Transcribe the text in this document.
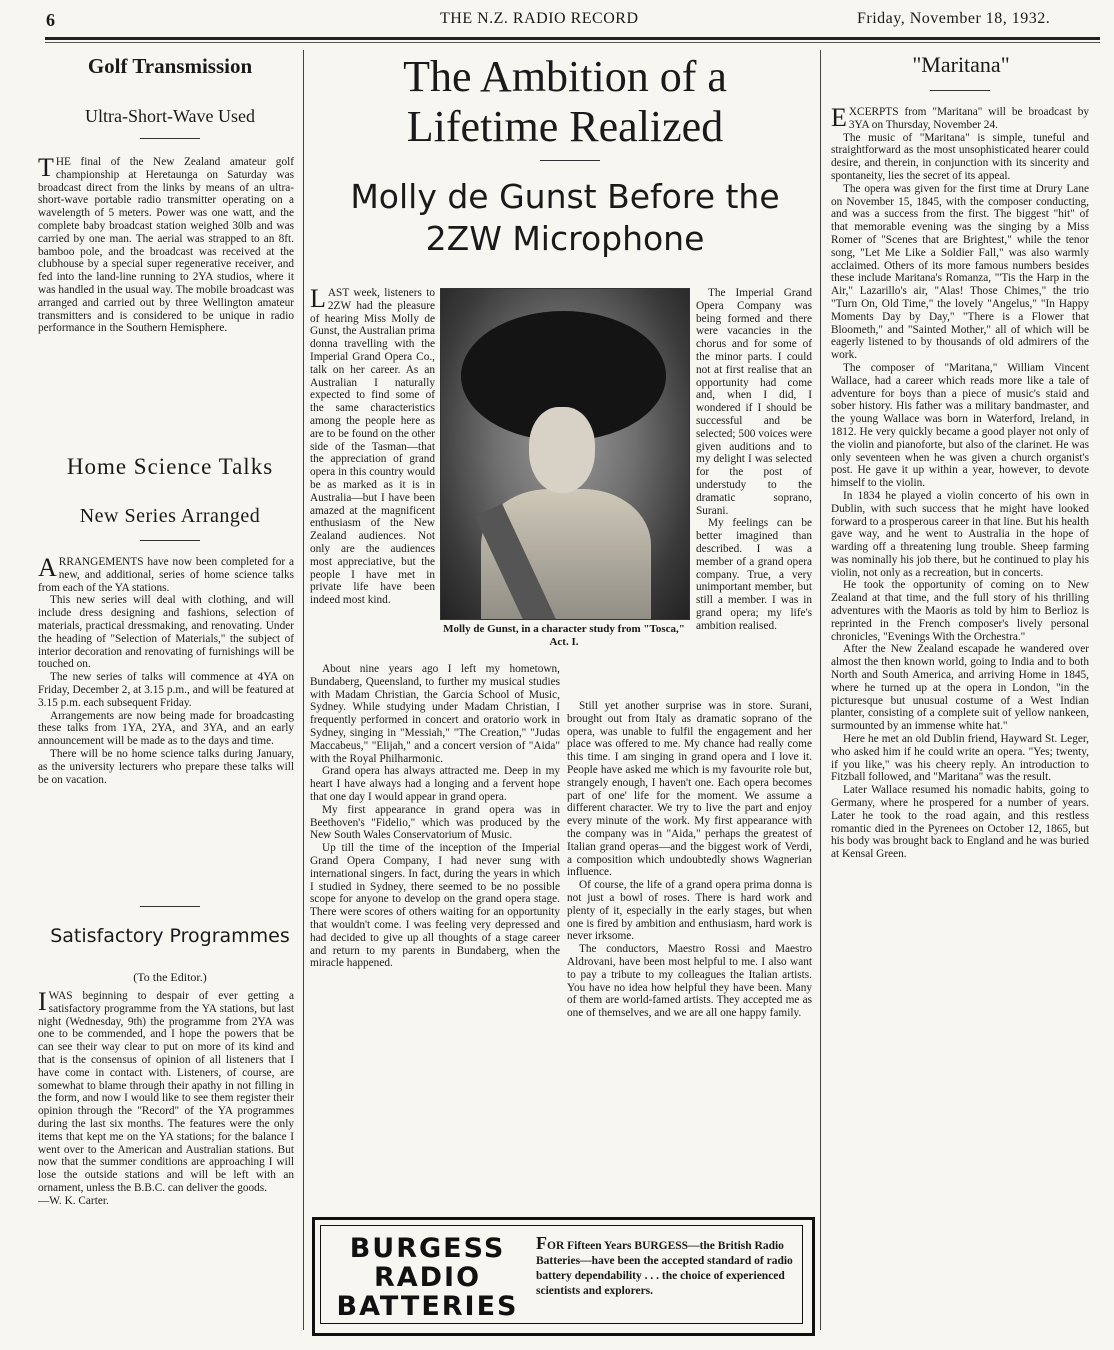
6	THE N.Z. RADIO RECORD	Friday, November 18, 1932.
Golf Transmission
Ultra-Short-Wave Used

THE final of the New Zealand amateur golf championship at Heretaunga on Saturday was broadcast direct from the links by means of an ultra-short-wave portable radio transmitter operating on a wavelength of 5 meters. Power was one watt, and the complete baby broadcast station weighed 30lb and was carried by one man. The aerial was strapped to an 8ft. bamboo pole, and the broadcast was received at the clubhouse by a special super regenerative receiver, and fed into the land-line running to 2YA studios, where it was handled in the usual way. The mobile broadcast was arranged and carried out by three Wellington amateur transmitters and is considered to be unique in radio performance in the Southern Hemisphere.

Home Science Talks
New Series Arranged

ARRANGEMENTS have now been completed for a new, and additional, series of home science talks from each of the YA stations.

This new series will deal with clothing, and will include dress designing and fashions, selection of materials, practical dressmaking, and renovating. Under the heading of "Selection of Materials," the subject of interior decoration and renovating of furnishings will be touched on.

The new series of talks will commence at 4YA on Friday, December 2, at 3.15 p.m., and will be featured at 3.15 p.m. each subsequent Friday.

Arrangements are now being made for broadcasting these talks from 1YA, 2YA, and 3YA, and an early announcement will be made as to the days and time.

There will be no home science talks during January, as the university lecturers who prepare these talks will be on vacation.

Satisfactory Programmes
(To the Editor.)

I WAS beginning to despair of ever getting a satisfactory programme from the YA stations, but last night (Wednesday, 9th) the programme from 2YA was one to be commended, and I hope the powers that be can see their way clear to put on more of its kind and that is the consensus of opinion of all listeners that I have come in contact with. Listeners, of course, are somewhat to blame through their apathy in not filling in the form, and now I would like to see them register their opinion through the "Record" of the YA programmes during the last six months. The features were the only items that kept me on the YA stations; for the balance I went over to the American and Australian stations. But now that the summer conditions are approaching I will lose the outside stations and will be left with an ornament, unless the B.B.C. can deliver the goods.

—W. K. Carter.

The Ambition of a Lifetime Realized
Molly de Gunst Before the 2ZW Microphone

LAST week, listeners to 2ZW had the pleasure of hearing Miss Molly de Gunst, the Australian prima donna travelling with the Imperial Grand Opera Co., talk on her career. As an Australian I naturally expected to find some of the same characteristics among the people here as are to be found on the other side of the Tasman—that the appreciation of grand opera in this country would be as marked as it is in Australia—but I have been amazed at the magnificent enthusiasm of the New Zealand audiences. Not only are the audiences most appreciative, but the people I have met in private life have been indeed most kind.

Molly de Gunst, in a character study from "Tosca," Act. I.

The Imperial Grand Opera Company was being formed and there were vacancies in the chorus and for some of the minor parts. I could not at first realise that an opportunity had come and, when I did, I wondered if I should be successful and be selected; 500 voices were given auditions and to my delight I was selected for the post of understudy to the dramatic soprano, Surani.

My feelings can be better imagined than described. I was a member of a grand opera company. True, a very unimportant member, but still a member. I was in grand opera; my life's ambition realised.

About nine years ago I left my hometown, Bundaberg, Queensland, to further my musical studies with Madam Christian, the Garcia School of Music, Sydney. While studying under Madam Christian, I frequently performed in concert and oratorio work in Sydney, singing in "Messiah," "The Creation," "Judas Maccabeus," "Elijah," and a concert version of "Aida" with the Royal Philharmonic.

Grand opera has always attracted me. Deep in my heart I have always had a longing and a fervent hope that one day I would appear in grand opera.

My first appearance in grand opera was in Beethoven's "Fidelio," which was produced by the New South Wales Conservatorium of Music.

Up till the time of the inception of the Imperial Grand Opera Company, I had never sung with international singers. In fact, during the years in which I studied in Sydney, there seemed to be no possible scope for anyone to develop on the grand opera stage. There were scores of others waiting for an opportunity that wouldn't come. I was feeling very depressed and had decided to give up all thoughts of a stage career and return to my parents in Bundaberg, when the miracle happened.

Still yet another surprise was in store. Surani, brought out from Italy as dramatic soprano of the opera, was unable to fulfil the engagement and her place was offered to me. My chance had really come this time. I am singing in grand opera and I love it. People have asked me which is my favourite role but, strangely enough, I haven't one. Each opera becomes part of one' life for the moment. We assume a different character. We try to live the part and enjoy every minute of the work. My first appearance with the company was in "Aida," perhaps the greatest of Italian grand operas—and the biggest work of Verdi, a composition which undoubtedly shows Wagnerian influence.

Of course, the life of a grand opera prima donna is not just a bowl of roses. There is hard work and plenty of it, especially in the early stages, but when one is fired by ambition and enthusiasm, hard work is never irksome.

The conductors, Maestro Rossi and Maestro Aldrovani, have been most helpful to me. I also want to pay a tribute to my colleagues the Italian artists. You have no idea how helpful they have been. Many of them are world-famed artists. They accepted me as one of themselves, and we are all one happy family.

BURGESS
RADIO
BATTERIES
FOR Fifteen Years BURGESS—the British Radio Batteries—have been the accepted standard of radio battery dependability . . . the choice of experienced scientists and explorers.
"Maritana"

EXCERPTS from "Maritana" will be broadcast by 3YA on Thursday, November 24.

The music of "Maritana" is simple, tuneful and straightforward as the most unsophisticated hearer could desire, and therein, in conjunction with its sincerity and spontaneity, lies the secret of its appeal.

The opera was given for the first time at Drury Lane on November 15, 1845, with the composer conducting, and was a success from the first. The biggest "hit" of that memorable evening was the singing by a Miss Romer of "Scenes that are Brightest," while the tenor song, "Let Me Like a Soldier Fall," was also warmly acclaimed. Others of its more famous numbers besides these include Maritana's Romanza, "'Tis the Harp in the Air," Lazarillo's air, "Alas! Those Chimes," the trio "Turn On, Old Time," the lovely "Angelus," "In Happy Moments Day by Day," "There is a Flower that Bloometh," and "Sainted Mother," all of which will be eagerly listened to by thousands of old admirers of the work.

The composer of "Maritana," William Vincent Wallace, had a career which reads more like a tale of adventure for boys than a piece of music's staid and sober history. His father was a military bandmaster, and the young Wallace was born in Waterford, Ireland, in 1812. He very quickly became a good player not only of the violin and pianoforte, but also of the clarinet. He was only seventeen when he was given a church organist's post. He gave it up within a year, however, to devote himself to the violin.

In 1834 he played a violin concerto of his own in Dublin, with such success that he might have looked forward to a prosperous career in that line. But his health gave way, and he went to Australia in the hope of warding off a threatening lung trouble. Sheep farming was nominally his job there, but he continued to play his violin, not only as a recreation, but in concerts.

He took the opportunity of coming on to New Zealand at that time, and the full story of his thrilling adventures with the Maoris as told by him to Berlioz is reprinted in the French composer's lively personal chronicles, "Evenings With the Orchestra."

After the New Zealand escapade he wandered over almost the then known world, going to India and to both North and South America, and arriving Home in 1845, where he turned up at the opera in London, "in the picturesque but unusual costume of a West Indian planter, consisting of a complete suit of yellow nankeen, surmounted by an immense white hat."

Here he met an old Dublin friend, Hayward St. Leger, who asked him if he could write an opera. "Yes; twenty, if you like," was his cheery reply. An introduction to Fitzball followed, and "Maritana" was the result.

Later Wallace resumed his nomadic habits, going to Germany, where he prospered for a number of years. Later he took to the road again, and this restless romantic died in the Pyrenees on October 12, 1865, but his body was brought back to England and he was buried at Kensal Green.
